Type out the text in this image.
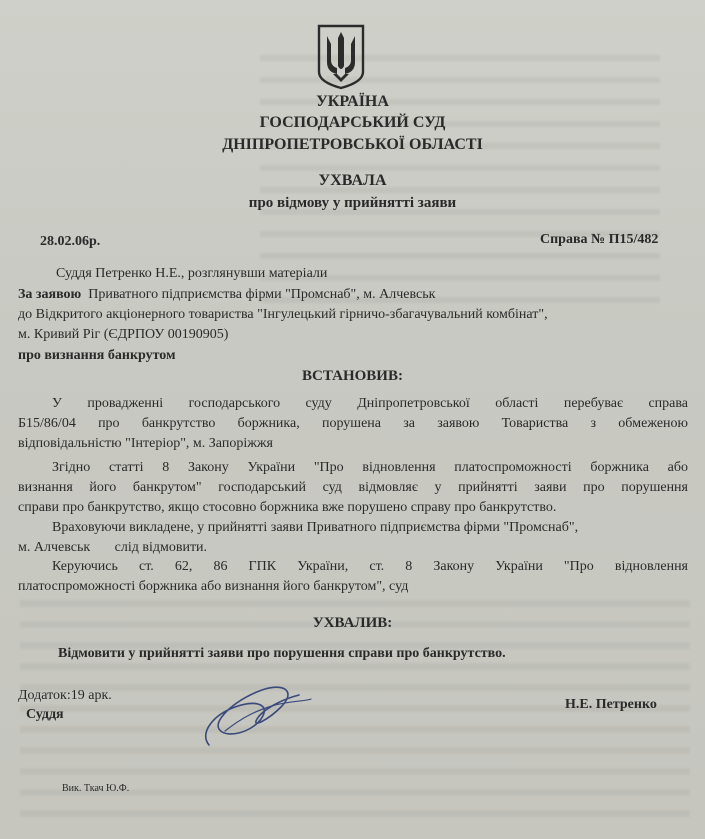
УКРАЇНА
ГОСПОДАРСЬКИЙ СУД
ДНІПРОПЕТРОВСЬКОЇ ОБЛАСТІ
УХВАЛА
про відмову у прийнятті заяви
28.02.06р.	Справа № П15/482
Суддя Петренко Н.Е., розглянувши матеріали
За заявою Приватного підприємства фірми "Промснаб", м. Алчевськ
до Відкритого акціонерного товариства "Інгулецький гірничо-збагачувальний комбінат",
м. Кривий Ріг (ЄДРПОУ 00190905)
про визнання банкрутом
ВСТАНОВИВ:
У провадженні господарського суду Дніпропетровської області перебуває справа
Б15/86/04 про банкрутство боржника, порушена за заявою Товариства з обмеженою
відповідальністю "Інтеріор", м. Запоріжжя
Згідно статті 8 Закону України "Про відновлення платоспроможності боржника або
визнання його банкрутом" господарський суд відмовляє у прийнятті заяви про порушення
справи про банкрутство, якщо стосовно боржника вже порушено справу про банкрутство.
Враховуючи викладене, у прийнятті заяви Приватного підприємства фірми "Промснаб",
м. Алчевськ       слід відмовити.
Керуючись ст. 62, 86 ГПК України, ст. 8 Закону України "Про відновлення
платоспроможності боржника або визнання його банкрутом", суд
УХВАЛИВ:
Відмовити у прийнятті заяви про порушення справи про банкрутство.
Додаток:19 арк.
Суддя
Н.Е. Петренко
Вик. Ткач Ю.Ф.
